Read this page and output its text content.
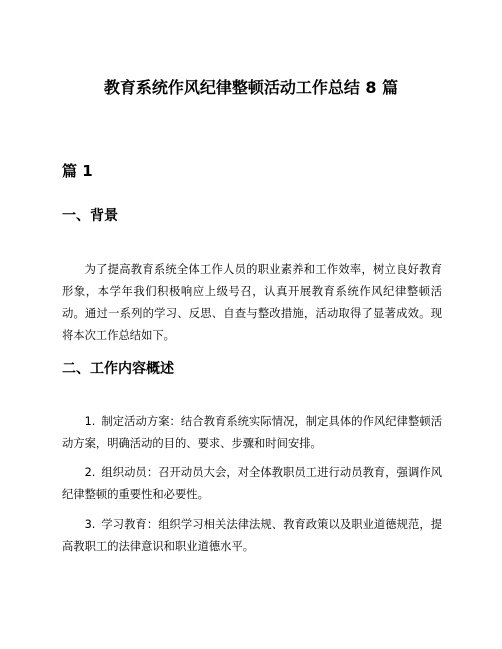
教育系统作风纪律整顿活动工作总结 8 篇
篇 1
一、背景

为了提高教育系统全体工作人员的职业素养和工作效率，树立良好教育形象，本学年我们积极响应上级号召，认真开展教育系统作风纪律整顿活动。通过一系列的学习、反思、自查与整改措施，活动取得了显著成效。现将本次工作总结如下。

二、工作内容概述

1. 制定活动方案：结合教育系统实际情况，制定具体的作风纪律整顿活动方案，明确活动的目的、要求、步骤和时间安排。

2. 组织动员：召开动员大会，对全体教职员工进行动员教育，强调作风纪律整顿的重要性和必要性。

3. 学习教育：组织学习相关法律法规、教育政策以及职业道德规范，提高教职工的法律意识和职业道德水平。
